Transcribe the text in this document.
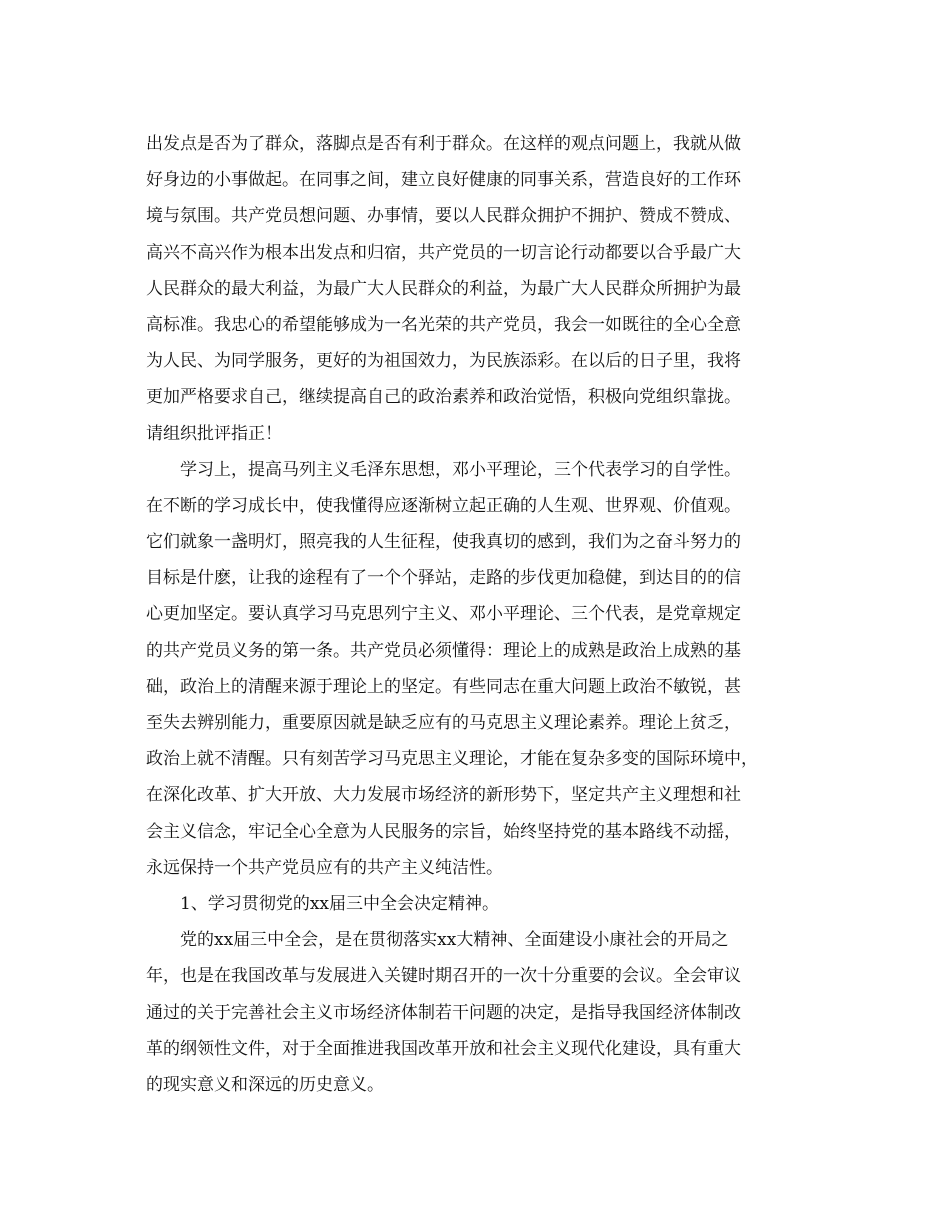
出发点是否为了群众，落脚点是否有利于群众。在这样的观点问题上，我就从做
好身边的小事做起。在同事之间，建立良好健康的同事关系，营造良好的工作环
境与氛围。共产党员想问题、办事情，要以人民群众拥护不拥护、赞成不赞成、
高兴不高兴作为根本出发点和归宿，共产党员的一切言论行动都要以合乎最广大
人民群众的最大利益，为最广大人民群众的利益，为最广大人民群众所拥护为最
高标准。我忠心的希望能够成为一名光荣的共产党员，我会一如既往的全心全意
为人民、为同学服务，更好的为祖国效力，为民族添彩。在以后的日子里，我将
更加严格要求自己，继续提高自己的政治素养和政治觉悟，积极向党组织靠拢。
请组织批评指正！
学习上，提高马列主义毛泽东思想，邓小平理论，三个代表学习的自学性。
在不断的学习成长中，使我懂得应逐渐树立起正确的人生观、世界观、价值观。
它们就象一盏明灯，照亮我的人生征程，使我真切的感到，我们为之奋斗努力的
目标是什麽，让我的途程有了一个个驿站，走路的步伐更加稳健，到达目的的信
心更加坚定。要认真学习马克思列宁主义、邓小平理论、三个代表，是党章规定
的共产党员义务的第一条。共产党员必须懂得：理论上的成熟是政治上成熟的基
础，政治上的清醒来源于理论上的坚定。有些同志在重大问题上政治不敏锐，甚
至失去辨别能力，重要原因就是缺乏应有的马克思主义理论素养。理论上贫乏，
政治上就不清醒。只有刻苦学习马克思主义理论，才能在复杂多变的国际环境中，
在深化改革、扩大开放、大力发展市场经济的新形势下，坚定共产主义理想和社
会主义信念，牢记全心全意为人民服务的宗旨，始终坚持党的基本路线不动摇，
永远保持一个共产党员应有的共产主义纯洁性。
1、学习贯彻党的xx届三中全会决定精神。
党的xx届三中全会，是在贯彻落实xx大精神、全面建设小康社会的开局之
年，也是在我国改革与发展进入关键时期召开的一次十分重要的会议。全会审议
通过的关于完善社会主义市场经济体制若干问题的决定，是指导我国经济体制改
革的纲领性文件，对于全面推进我国改革开放和社会主义现代化建设，具有重大
的现实意义和深远的历史意义。
